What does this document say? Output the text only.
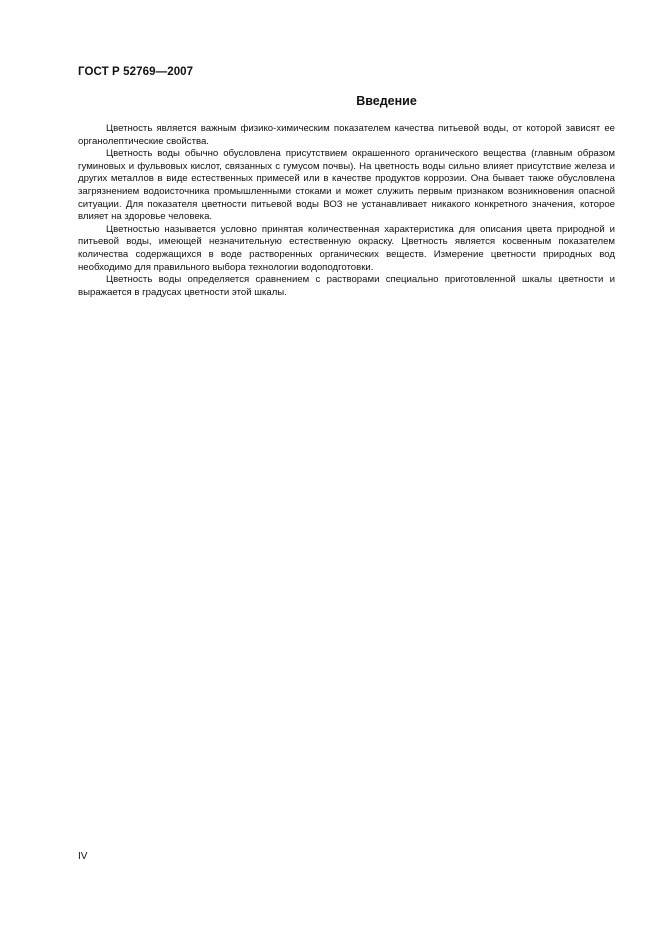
ГОСТ Р 52769—2007
Введение

Цветность является важным физико-химическим показателем качества питьевой воды, от которой зависят ее органолептические свойства.

Цветность воды обычно обусловлена присутствием окрашенного органического вещества (главным образом гуминовых и фульвовых кислот, связанных с гумусом почвы). На цветность воды сильно влияет присутствие железа и других металлов в виде естественных примесей или в качестве продуктов коррозии. Она бывает также обусловлена загрязнением водоисточника промышленными стоками и может служить первым признаком возникновения опасной ситуации. Для показателя цветности питьевой воды ВОЗ не устанавливает никакого конкретного значения, которое влияет на здоровье человека.

Цветностью называется условно принятая количественная характеристика для описания цвета природной и питьевой воды, имеющей незначительную естественную окраску. Цветность является косвенным показателем количества содержащихся в воде растворенных органических веществ. Измерение цветности природных вод необходимо для правильного выбора технологии водоподготовки.

Цветность воды определяется сравнением с растворами специально приготовленной шкалы цветности и выражается в градусах цветности этой шкалы.

IV
